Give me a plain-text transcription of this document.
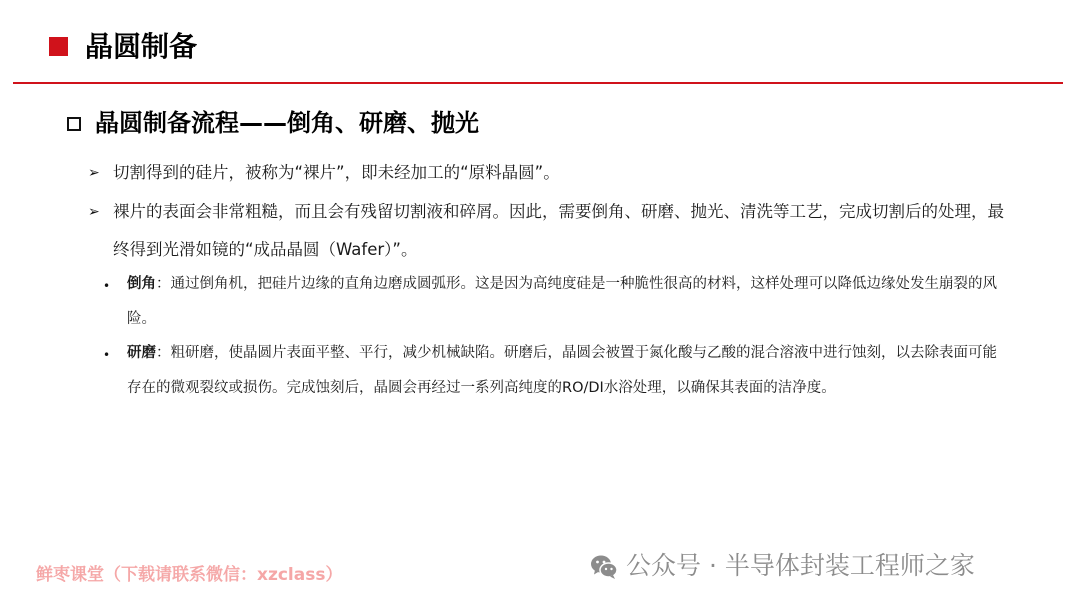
晶圆制备
晶圆制备流程——倒角、研磨、抛光
➢ 切割得到的硅片，被称为“裸片”，即未经加工的“原料晶圆”。
➢ 裸片的表面会非常粗糙，而且会有残留切割液和碎屑。因此，需要倒角、研磨、抛光、清洗等工艺，完成切割后的处理，最终得到光滑如镜的“成品晶圆（Wafer）”。
• 倒角：通过倒角机，把硅片边缘的直角边磨成圆弧形。这是因为高纯度硅是一种脆性很高的材料，这样处理可以降低边缘处发生崩裂的风险。
• 研磨：粗研磨，使晶圆片表面平整、平行，减少机械缺陷。研磨后，晶圆会被置于氮化酸与乙酸的混合溶液中进行蚀刻，以去除表面可能存在的微观裂纹或损伤。完成蚀刻后，晶圆会再经过一系列高纯度的RO/DI水浴处理，以确保其表面的洁净度。
鲜枣课堂（下载请联系微信：xzclass）	公众号 · 半导体封装工程师之家
